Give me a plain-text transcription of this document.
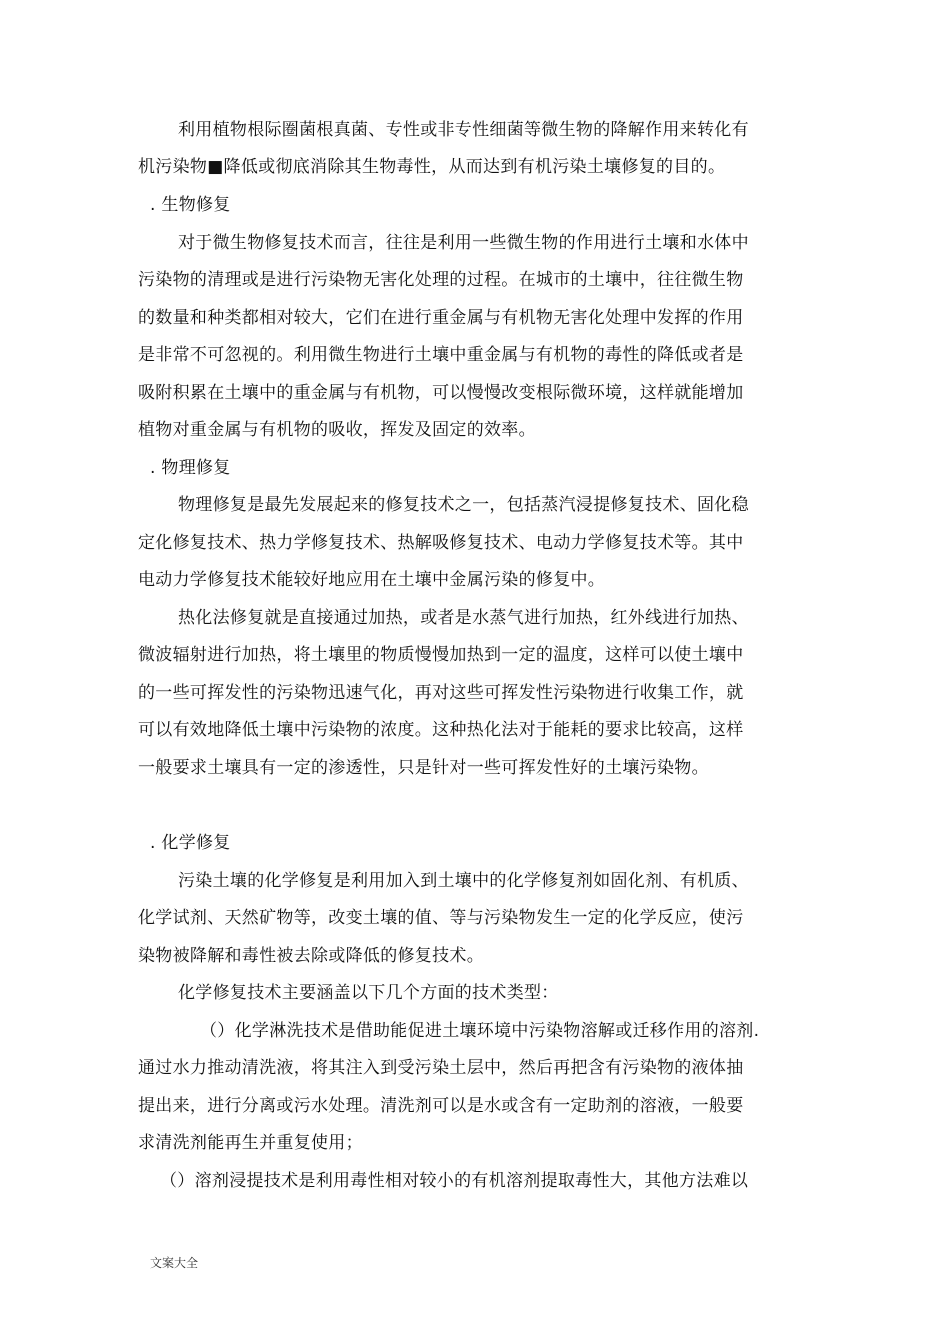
利用植物根际圈菌根真菌、专性或非专性细菌等微生物的降解作用来转化有
机污染物■降低或彻底消除其生物毒性，从而达到有机污染土壤修复的目的。
. 生物修复
对于微生物修复技术而言，往往是利用一些微生物的作用进行土壤和水体中
污染物的清理或是进行污染物无害化处理的过程。在城市的土壤中，往往微生物
的数量和种类都相对较大，它们在进行重金属与有机物无害化处理中发挥的作用
是非常不可忽视的。利用微生物进行土壤中重金属与有机物的毒性的降低或者是
吸附积累在土壤中的重金属与有机物，可以慢慢改变根际微环境，这样就能增加
植物对重金属与有机物的吸收，挥发及固定的效率。
. 物理修复
物理修复是最先发展起来的修复技术之一，包括蒸汽浸提修复技术、固化稳
定化修复技术、热力学修复技术、热解吸修复技术、电动力学修复技术等。其中
电动力学修复技术能较好地应用在土壤中金属污染的修复中。
热化法修复就是直接通过加热，或者是水蒸气进行加热，红外线进行加热、
微波辐射进行加热，将土壤里的物质慢慢加热到一定的温度，这样可以使土壤中
的一些可挥发性的污染物迅速气化，再对这些可挥发性污染物进行收集工作，就
可以有效地降低土壤中污染物的浓度。这种热化法对于能耗的要求比较高，这样
一般要求土壤具有一定的渗透性，只是针对一些可挥发性好的土壤污染物。
. 化学修复
污染土壤的化学修复是利用加入到土壤中的化学修复剂如固化剂、有机质、
化学试剂、天然矿物等，改变土壤的值、等与污染物发生一定的化学反应，使污
染物被降解和毒性被去除或降低的修复技术。
化学修复技术主要涵盖以下几个方面的技术类型：
（）化学淋洗技术是借助能促进土壤环境中污染物溶解或迁移作用的溶剂.
通过水力推动清洗液，将其注入到受污染土层中，然后再把含有污染物的液体抽
提出来，进行分离或污水处理。清洗剂可以是水或含有一定助剂的溶液，一般要
求清洗剂能再生并重复使用；
（）溶剂浸提技术是利用毒性相对较小的有机溶剂提取毒性大，其他方法难以
文案大全
